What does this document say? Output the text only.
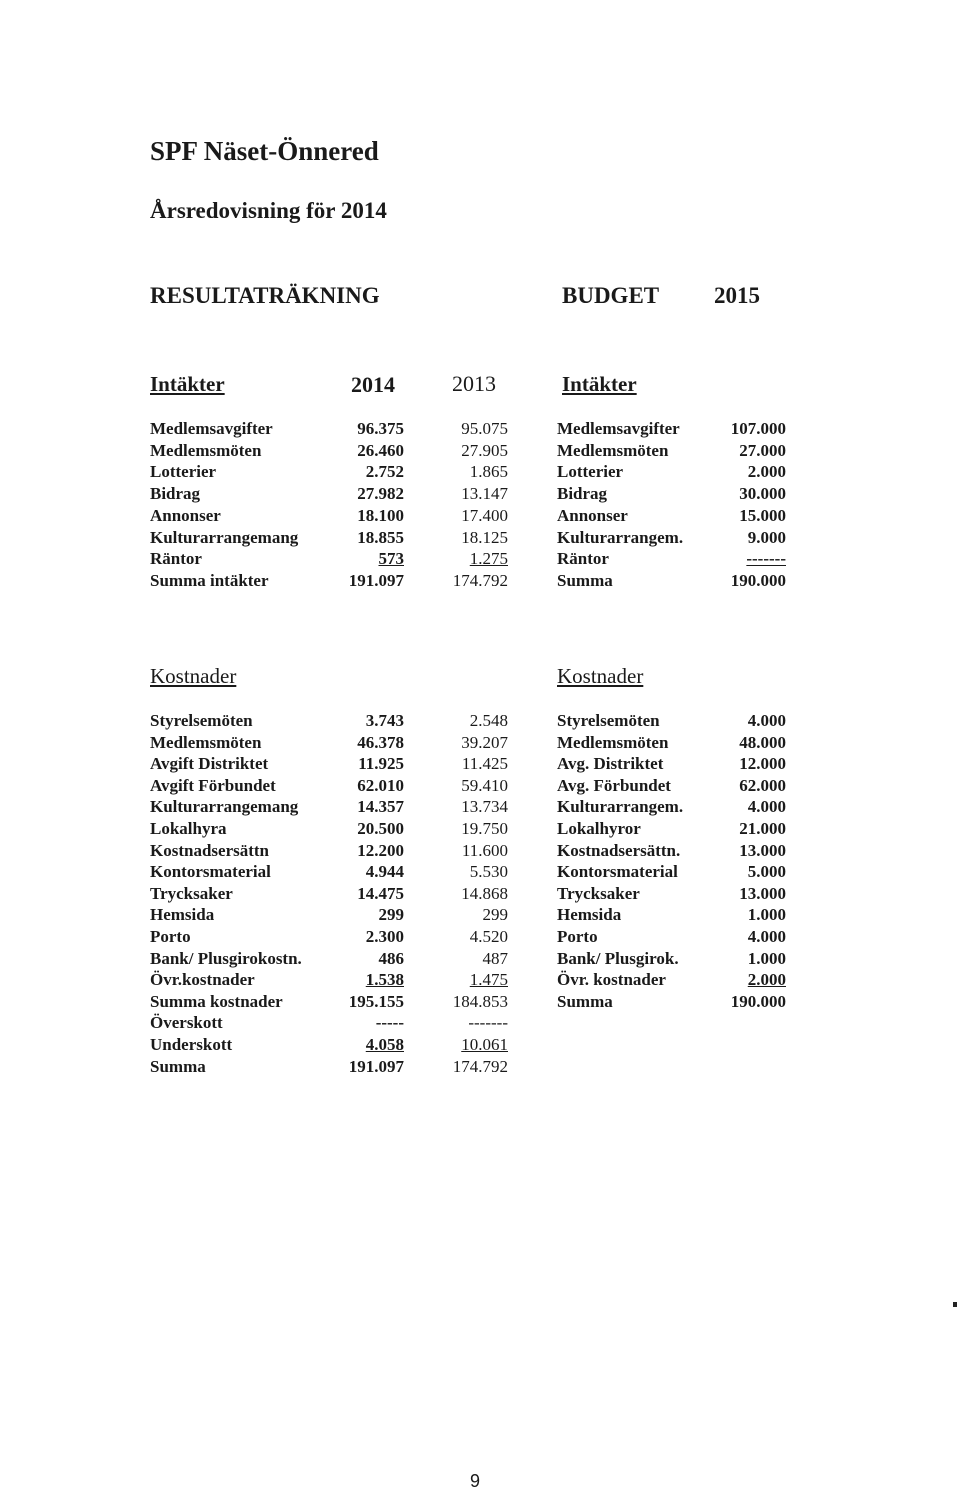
SPF Näset-Önnered
Årsredovisning för 2014
RESULTATRÄKNING	BUDGET 2015
Intäkter	2014	2013	Intäkter
Medlemsavgifter	96.375	95.075
Medlemsmöten	26.460	27.905
Lotterier	2.752	1.865
Bidrag	27.982	13.147
Annonser	18.100	17.400
Kulturarrangemang	18.855	18.125
Räntor	573	1.275
Summa intäkter	191.097	174.792
Medlemsavgifter	107.000
Medlemsmöten	27.000
Lotterier	2.000
Bidrag	30.000
Annonser	15.000
Kulturarrangem.	9.000
Räntor	-------
Summa	190.000
Kostnader	Kostnader
Styrelsemöten	3.743	2.548
Medlemsmöten	46.378	39.207
Avgift Distriktet	11.925	11.425
Avgift Förbundet	62.010	59.410
Kulturarrangemang	14.357	13.734
Lokalhyra	20.500	19.750
Kostnadsersättn	12.200	11.600
Kontorsmaterial	4.944	5.530
Trycksaker	14.475	14.868
Hemsida	299	299
Porto	2.300	4.520
Bank/ Plusgirokostn.	486	487
Övr.kostnader	1.538	1.475
Summa kostnader	195.155	184.853
Överskott	-----	-------
Underskott	4.058	10.061
Summa	191.097	174.792
Styrelsemöten	4.000
Medlemsmöten	48.000
Avg. Distriktet	12.000
Avg. Förbundet	62.000
Kulturarrangem.	4.000
Lokalhyror	21.000
Kostnadsersättn.	13.000
Kontorsmaterial	5.000
Trycksaker	13.000
Hemsida	1.000
Porto	4.000
Bank/ Plusgirok.	1.000
Övr. kostnader	2.000
Summa	190.000
9
